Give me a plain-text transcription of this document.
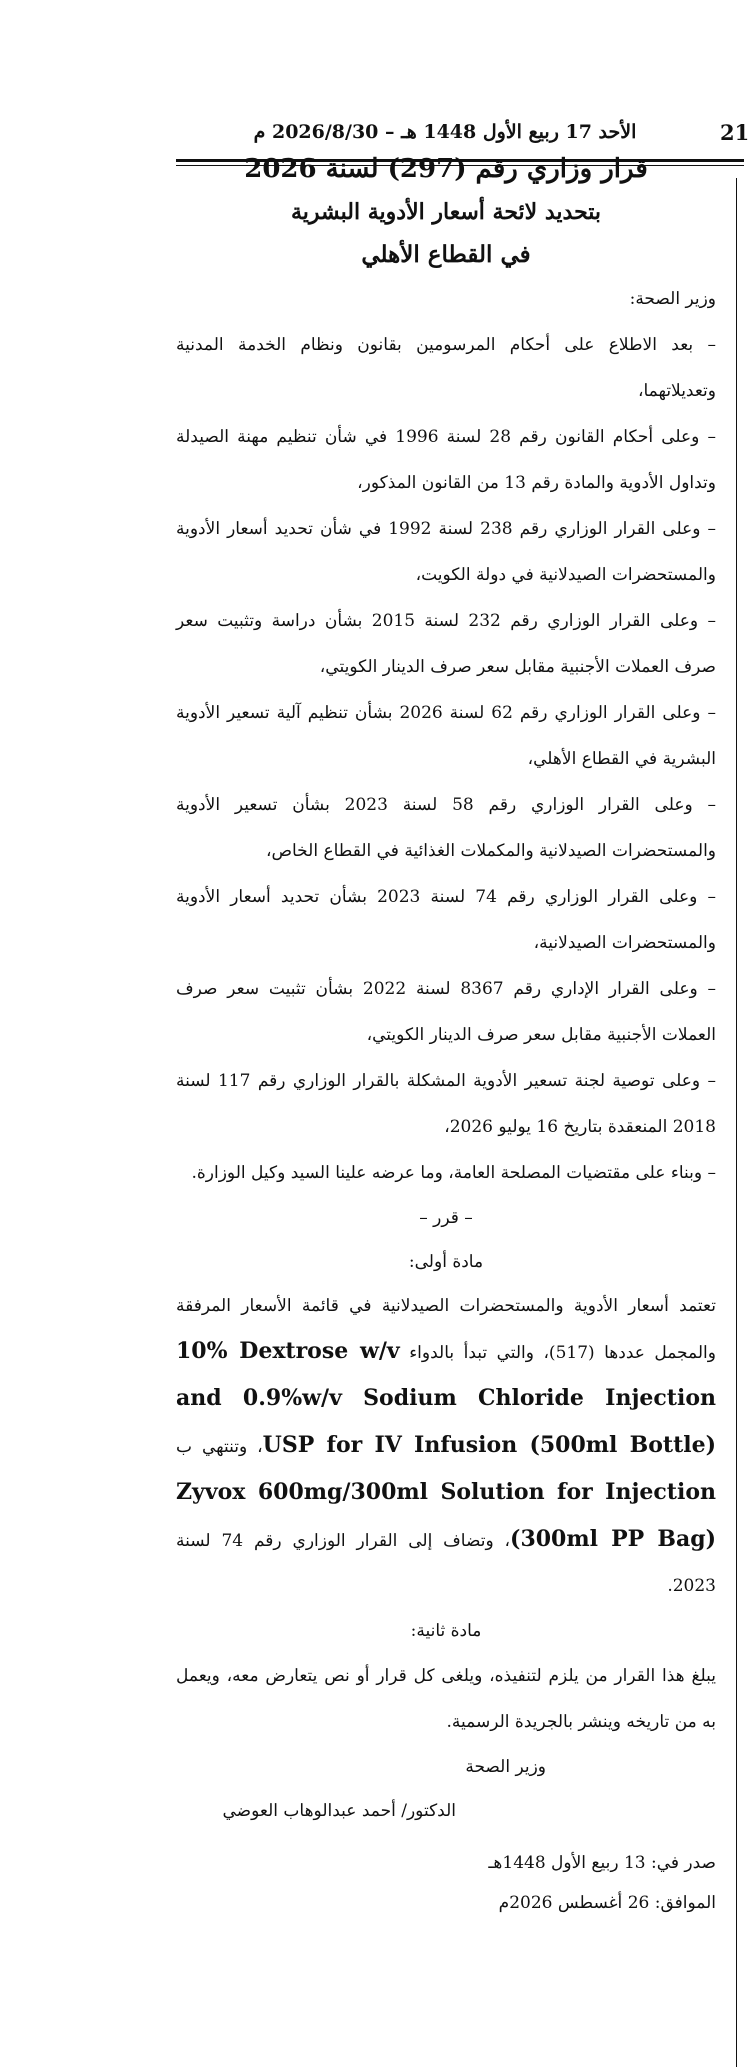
21
الأحد 17 ربيع الأول 1448 هـ – 2026/8/30 م

قرار وزاري رقم (297) لسنة 2026

بتحديد لائحة أسعار الأدوية البشرية

في القطاع الأهلي

وزير الصحة:

– بعد الاطلاع على أحكام المرسومين بقانون ونظام الخدمة المدنية وتعديلاتهما،

– وعلى أحكام القانون رقم 28 لسنة 1996 في شأن تنظيم مهنة الصيدلة وتداول الأدوية والمادة رقم 13 من القانون المذكور،

– وعلى القرار الوزاري رقم 238 لسنة 1992 في شأن تحديد أسعار الأدوية والمستحضرات الصيدلانية في دولة الكويت،

– وعلى القرار الوزاري رقم 232 لسنة 2015 بشأن دراسة وتثبيت سعر صرف العملات الأجنبية مقابل سعر صرف الدينار الكويتي،

– وعلى القرار الوزاري رقم 62 لسنة 2026 بشأن تنظيم آلية تسعير الأدوية البشرية في القطاع الأهلي،

– وعلى القرار الوزاري رقم 58 لسنة 2023 بشأن تسعير الأدوية والمستحضرات الصيدلانية والمكملات الغذائية في القطاع الخاص،

– وعلى القرار الوزاري رقم 74 لسنة 2023 بشأن تحديد أسعار الأدوية والمستحضرات الصيدلانية،

– وعلى القرار الإداري رقم 8367 لسنة 2022 بشأن تثبيت سعر صرف العملات الأجنبية مقابل سعر صرف الدينار الكويتي،

– وعلى توصية لجنة تسعير الأدوية المشكلة بالقرار الوزاري رقم 117 لسنة 2018 المنعقدة بتاريخ 16 يوليو 2026،

– وبناء على مقتضيات المصلحة العامة، وما عرضه علينا السيد وكيل الوزارة.

– قرر –

مادة أولى:

تعتمد أسعار الأدوية والمستحضرات الصيدلانية في قائمة الأسعار المرفقة والمجمل عددها (517)، والتي تبدأ بالدواء 10% Dextrose w/v and 0.9%w/v Sodium Chloride Injection USP for IV Infusion (500ml Bottle)، وتنتهي ب Zyvox 600mg/300ml Solution for Injection (300ml PP Bag)، وتضاف إلى القرار الوزاري رقم 74 لسنة 2023.

مادة ثانية:

يبلغ هذا القرار من يلزم لتنفيذه، ويلغى كل قرار أو نص يتعارض معه، ويعمل به من تاريخه وينشر بالجريدة الرسمية.

وزير الصحة

الدكتور/ أحمد عبدالوهاب العوضي

صدر في: 13 ربيع الأول 1448هـ

الموافق: 26 أغسطس 2026م
